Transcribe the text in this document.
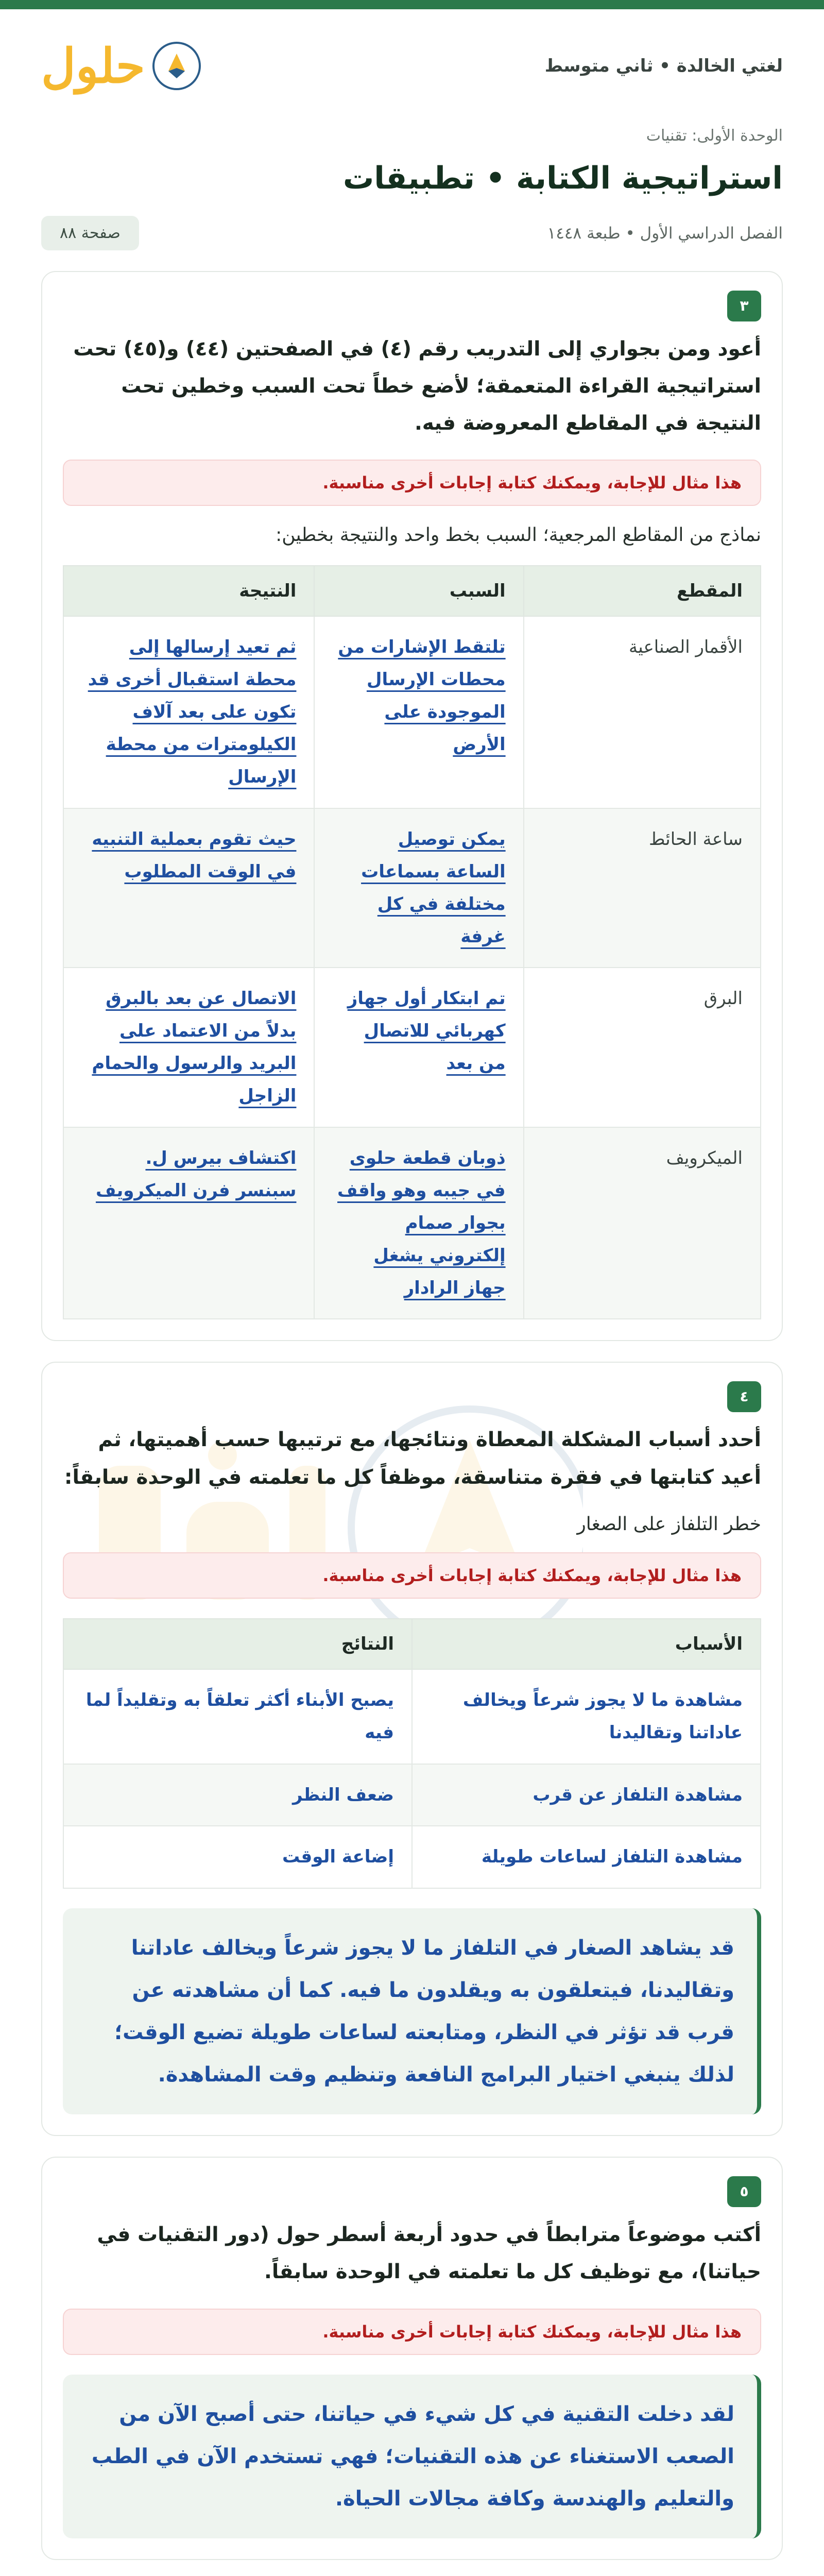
لغتي الخالدة • ثاني متوسط
حلول
الوحدة الأولى: تقنيات
استراتيجية الكتابة • تطبيقات
الفصل الدراسي الأول • طبعة ١٤٤٨
صفحة ٨٨
٣

أعود ومن بجواري إلى التدريب رقم (٤) في الصفحتين (٤٤) و(٤٥) تحت استراتيجية القراءة المتعمقة؛ لأضع خطاً تحت السبب وخطين تحت النتيجة في المقاطع المعروضة فيه.

هذا مثال للإجابة، ويمكنك كتابة إجابات أخرى مناسبة.

نماذج من المقاطع المرجعية؛ السبب بخط واحد والنتيجة بخطين:

المقطع	السبب	النتيجة
الأقمار الصناعية	تلتقط الإشارات من محطات الإرسال الموجودة على الأرض	ثم تعيد إرسالها إلى محطة استقبال أخرى قد تكون على بعد آلاف الكيلومترات من محطة الإرسال
ساعة الحائط	يمكن توصيل الساعة بسماعات مختلفة في كل غرفة	حيث تقوم بعملية التنبيه في الوقت المطلوب
البرق	تم ابتكار أول جهاز كهربائي للاتصال من بعد	الاتصال عن بعد بالبرق بدلاً من الاعتماد على البريد والرسول والحمام الزاجل
الميكرويف	ذوبان قطعة حلوى في جيبه وهو واقف بجوار صمام إلكتروني يشغل جهاز الرادار	اكتشاف بيرس ل. سبنسر فرن الميكرويف
٤

أحدد أسباب المشكلة المعطاة ونتائجها، مع ترتيبها حسب أهميتها، ثم أعيد كتابتها في فقرة متناسقة، موظفاً كل ما تعلمته في الوحدة سابقاً:

خطر التلفاز على الصغار

هذا مثال للإجابة، ويمكنك كتابة إجابات أخرى مناسبة.
الأسباب	النتائج
مشاهدة ما لا يجوز شرعاً ويخالف عاداتنا وتقاليدنا	يصبح الأبناء أكثر تعلقاً به وتقليداً لما فيه
مشاهدة التلفاز عن قرب	ضعف النظر
مشاهدة التلفاز لساعات طويلة	إضاعة الوقت
قد يشاهد الصغار في التلفاز ما لا يجوز شرعاً ويخالف عاداتنا وتقاليدنا، فيتعلقون به ويقلدون ما فيه. كما أن مشاهدته عن قرب قد تؤثر في النظر، ومتابعته لساعات طويلة تضيع الوقت؛ لذلك ينبغي اختيار البرامج النافعة وتنظيم وقت المشاهدة.
٥

أكتب موضوعاً مترابطاً في حدود أربعة أسطر حول (دور التقنيات في حياتنا)، مع توظيف كل ما تعلمته في الوحدة سابقاً.

هذا مثال للإجابة، ويمكنك كتابة إجابات أخرى مناسبة.
لقد دخلت التقنية في كل شيء في حياتنا، حتى أصبح الآن من الصعب الاستغناء عن هذه التقنيات؛ فهي تستخدم الآن في الطب والتعليم والهندسة وكافة مجالات الحياة.
